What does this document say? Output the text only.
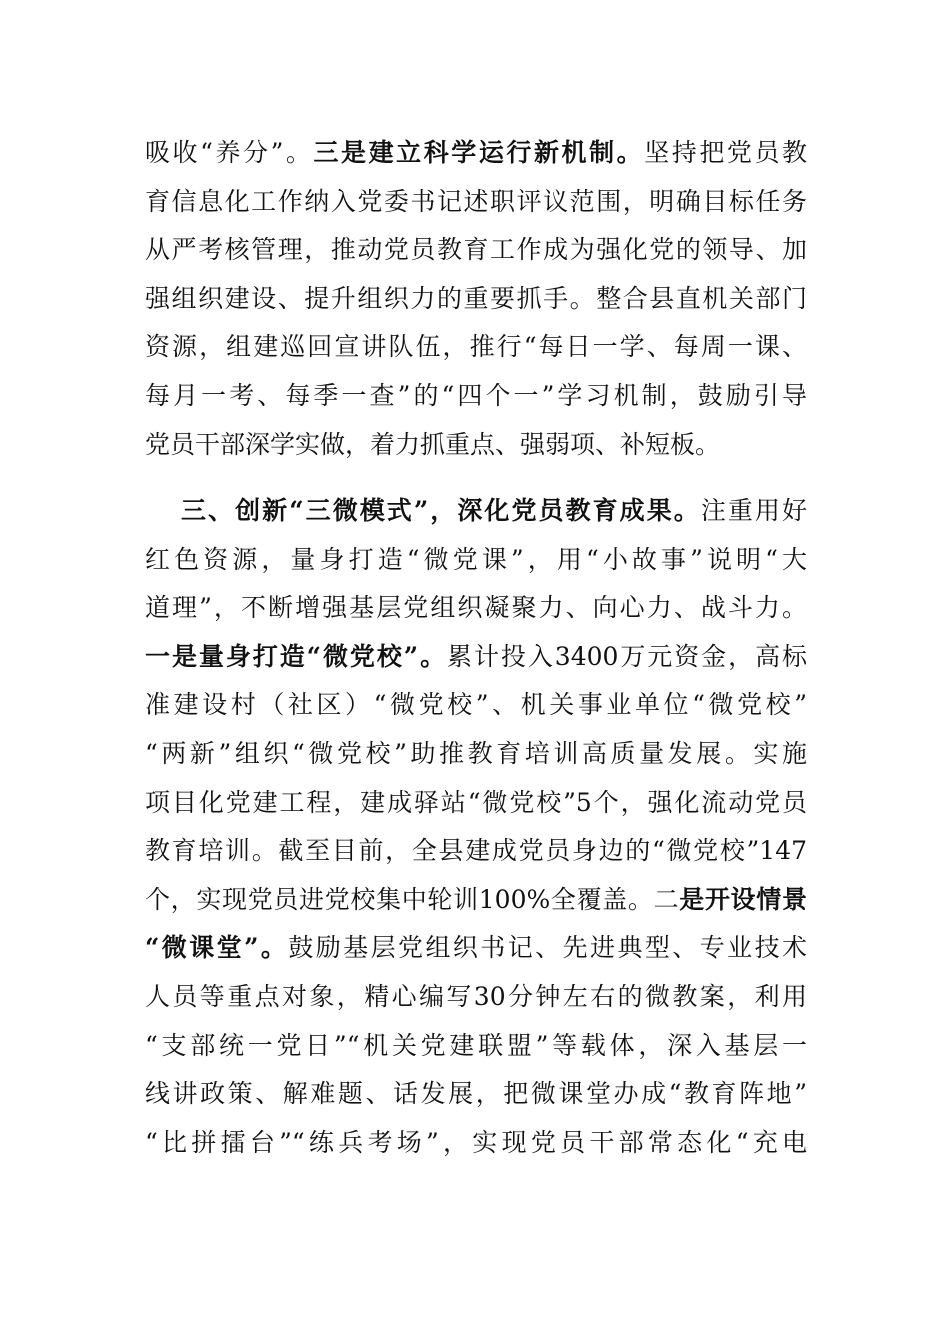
吸收“养分”。三是建立科学运行新机制。坚持把党员教
育信息化工作纳入党委书记述职评议范围，明确目标任务
从严考核管理，推动党员教育工作成为强化党的领导、加
强组织建设、提升组织力的重要抓手。整合县直机关部门
资源，组建巡回宣讲队伍，推行“每日一学、每周一课、
每月一考、每季一查”的“四个一”学习机制，鼓励引导
党员干部深学实做，着力抓重点、强弱项、补短板。
三、创新“三微模式”，深化党员教育成果。注重用好
红色资源，量身打造“微党课”，用“小故事”说明“大
道理”，不断增强基层党组织凝聚力、向心力、战斗力。
一是量身打造“微党校”。累计投入3400万元资金，高标
准建设村（社区）“微党校”、机关事业单位“微党校”
“两新”组织“微党校”助推教育培训高质量发展。实施
项目化党建工程，建成驿站“微党校”5个，强化流动党员
教育培训。截至目前，全县建成党员身边的“微党校”147
个，实现党员进党校集中轮训100%全覆盖。二是开设情景
“微课堂”。鼓励基层党组织书记、先进典型、专业技术
人员等重点对象，精心编写30分钟左右的微教案，利用
“支部统一党日”“机关党建联盟”等载体，深入基层一
线讲政策、解难题、话发展，把微课堂办成“教育阵地”
“比拼擂台”“练兵考场”，实现党员干部常态化“充电
